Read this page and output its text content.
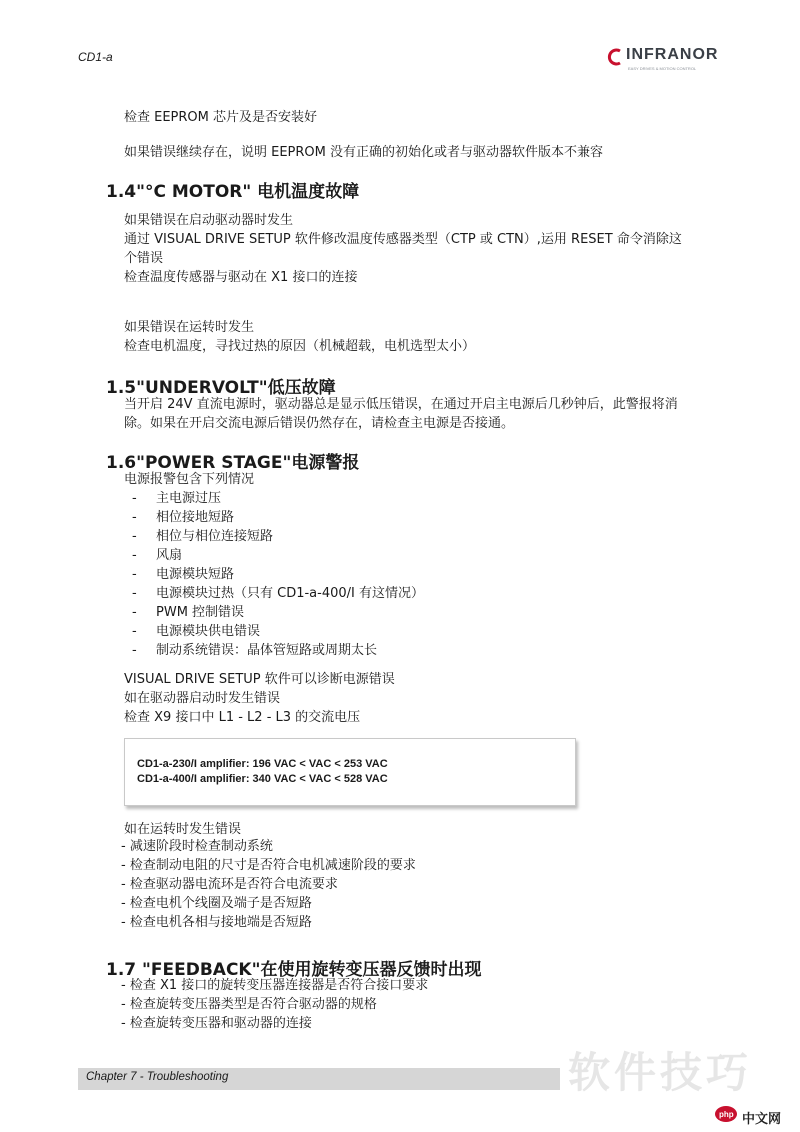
CD1-a	INFRANOR
EASY DRIVES & MOTION CONTROL
检查 EEPROM 芯片及是否安装好
如果错误继续存在，说明 EEPROM 没有正确的初始化或者与驱动器软件版本不兼容
1.4"°C MOTOR" 电机温度故障
如果错误在启动驱动器时发生
通过 VISUAL DRIVE SETUP 软件修改温度传感器类型（CTP 或 CTN）,运用 RESET 命令消除这
个错误
检查温度传感器与驱动在 X1 接口的连接
如果错误在运转时发生
检查电机温度，寻找过热的原因（机械超载，电机选型太小）
1.5"UNDERVOLT"低压故障
当开启 24V 直流电源时，驱动器总是显示低压错误，在通过开启主电源后几秒钟后，此警报将消
除。如果在开启交流电源后错误仍然存在，请检查主电源是否接通。
1.6"POWER STAGE"电源警报
电源报警包含下列情况
- 主电源过压
- 相位接地短路
- 相位与相位连接短路
- 风扇
- 电源模块短路
- 电源模块过热（只有 CD1-a-400/I 有这情况）
- PWM 控制错误
- 电源模块供电错误
- 制动系统错误：晶体管短路或周期太长
VISUAL DRIVE SETUP 软件可以诊断电源错误
如在驱动器启动时发生错误
检查 X9 接口中 L1 - L2 - L3 的交流电压
CD1-a-230/I amplifier: 196 VAC < VAC < 253 VAC
CD1-a-400/I amplifier: 340 VAC < VAC < 528 VAC
如在运转时发生错误
- 减速阶段时检查制动系统
- 检查制动电阻的尺寸是否符合电机减速阶段的要求
- 检查驱动器电流环是否符合电流要求
- 检查电机个线圈及端子是否短路
- 检查电机各相与接地端是否短路
1.7 "FEEDBACK"在使用旋转变压器反馈时出现
- 检查 X1 接口的旋转变压器连接器是否符合接口要求
- 检查旋转变压器类型是否符合驱动器的规格
- 检查旋转变压器和驱动器的连接
Chapter 7 - Troubleshooting	软件技巧
php 中文网
